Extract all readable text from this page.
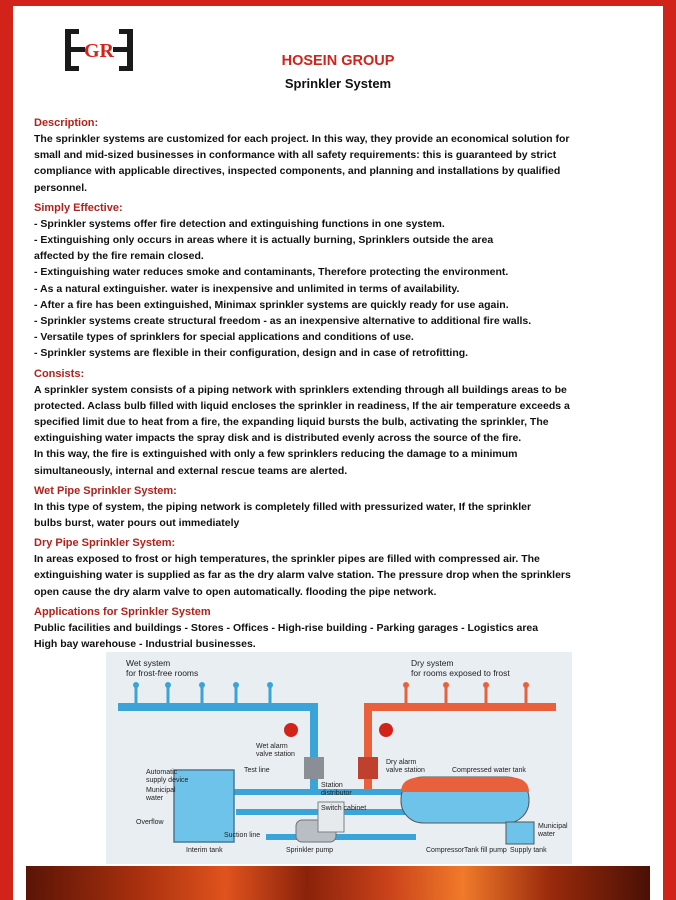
GR	HOSEIN GROUP
Sprinkler System

Description:

The sprinkler systems are customized for each project. In this way, they provide an economical solution for
small and mid-sized businesses in conformance with all safety requirements: this is guaranteed by strict
compliance with applicable directives, inspected components, and planning and installations by qualified
personnel.

Simply Effective:

- Sprinkler systems offer fire detection and extinguishing functions in one system.
- Extinguishing only occurs in areas where it is actually burning, Sprinklers outside the area
affected by the fire remain closed.
- Extinguishing water reduces smoke and contaminants, Therefore protecting the environment.
- As a natural extinguisher. water is inexpensive and unlimited in terms of availability.
- After a fire has been extinguished, Minimax sprinkler systems are quickly ready for use again.
- Sprinkler systems create structural freedom - as an inexpensive alternative to additional fire walls.
- Versatile types of sprinklers for special applications and conditions of use.
- Sprinkler systems are flexible in their configuration, design and in case of retrofitting.

Consists:

A sprinkler system consists of a piping network with sprinklers extending through all buildings areas to be
protected. Aclass bulb filled with liquid encloses the sprinkler in readiness, If the air temperature exceeds a
specified limit due to heat from a fire, the expanding liquid bursts the bulb, activating the sprinkler, The
extinguishing water impacts the spray disk and is distributed evenly across the source of the fire.
In this way, the fire is extinguished with only a few sprinklers reducing the damage to a minimum
simultaneously, internal and external rescue teams are alerted.

Wet Pipe Sprinkler System:

In this type of system, the piping network is completely filled with pressurized water, If the sprinkler
bulbs burst, water pours out immediately

Dry Pipe Sprinkler System:

In areas exposed to frost or high temperatures, the sprinkler pipes are filled with compressed air. The
extinguishing water is supplied as far as the dry alarm valve station. The pressure drop when the sprinklers
open cause the dry alarm valve to open automatically. flooding the pipe network.

Applications for Sprinkler System

Public facilities and buildings - Stores - Offices - High-rise building - Parking garages - Logistics area
High bay warehouse - Industrial businesses.

Wet system
for frost-free rooms
Dry system
for rooms exposed to frost
Wet alarm
valve station
Dry alarm
valve station
Test line
Automatic
supply device
Municipal
water
Overflow
Station
distributor
Switch cabinet
Compressed water tank
Suction line
Interim tank	Sprinkler pump	Compressor Tank fill pump Supply tank
Municipal
water
